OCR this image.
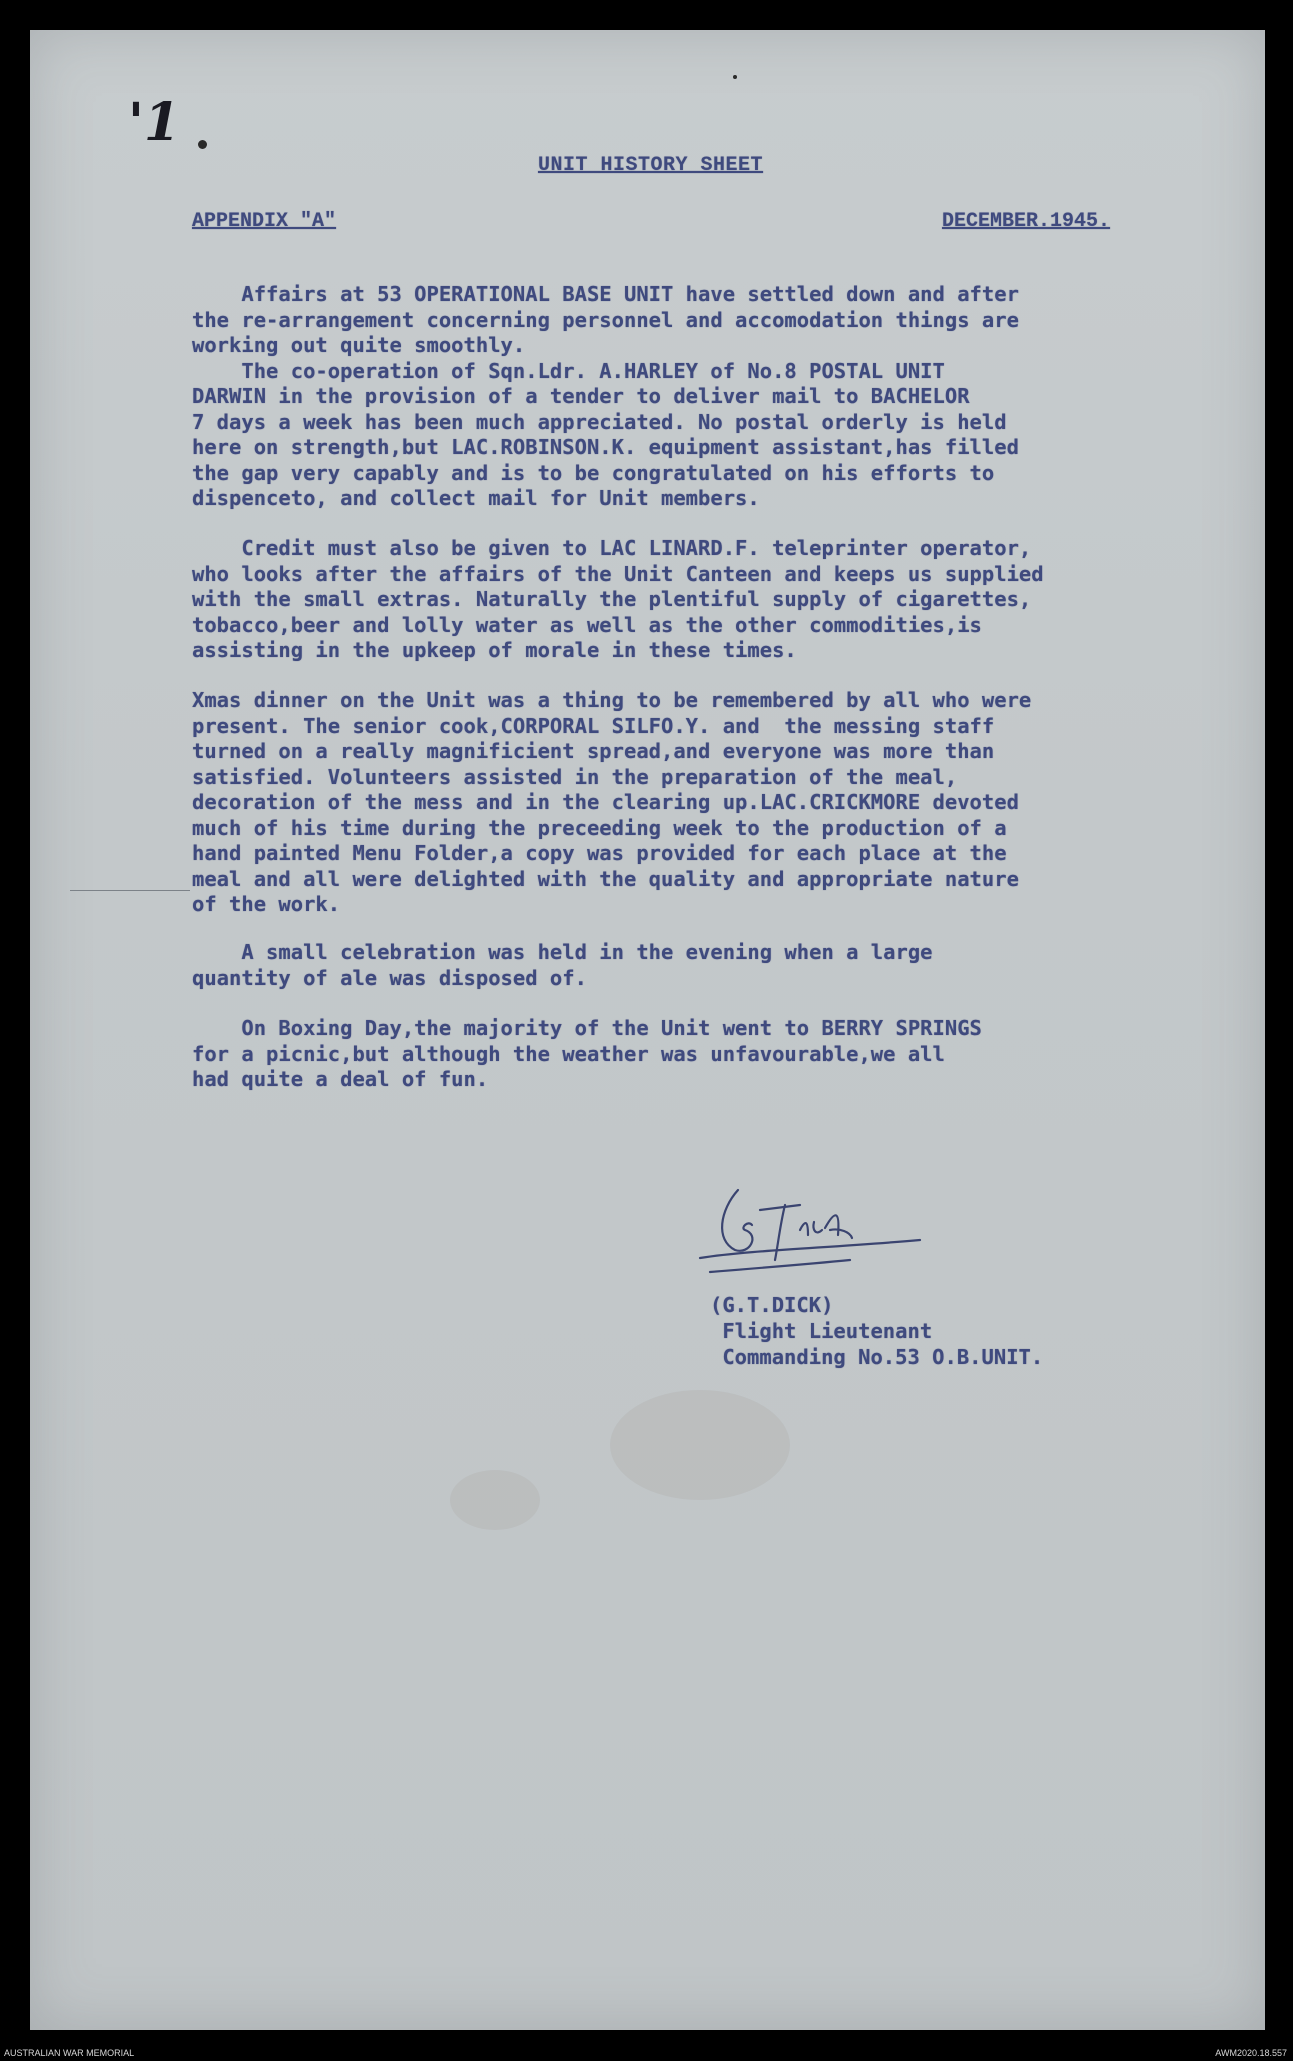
'1
UNIT HISTORY SHEET
APPENDIX "A"	DECEMBER.1945.
Affairs at 53 OPERATIONAL BASE UNIT have settled down and after
the re-arrangement concerning personnel and accomodation things are
working out quite smoothly.
The co-operation of Sqn.Ldr. A.HARLEY of No.8 POSTAL UNIT
DARWIN in the provision of a tender to deliver mail to BACHELOR
7 days a week has been much appreciated. No postal orderly is held
here on strength,but LAC.ROBINSON.K. equipment assistant,has filled
the gap very capably and is to be congratulated on his efforts to
dispenceto, and collect mail for Unit members.
Credit must also be given to LAC LINARD.F. teleprinter operator,
who looks after the affairs of the Unit Canteen and keeps us supplied
with the small extras. Naturally the plentiful supply of cigarettes,
tobacco,beer and lolly water as well as the other commodities,is
assisting in the upkeep of morale in these times.
Xmas dinner on the Unit was a thing to be remembered by all who were
present. The senior cook,CORPORAL SILFO.Y. and  the messing staff
turned on a really magnificient spread,and everyone was more than
satisfied. Volunteers assisted in the preparation of the meal,
decoration of the mess and in the clearing up.LAC.CRICKMORE devoted
much of his time during the preceeding week to the production of a
hand painted Menu Folder,a copy was provided for each place at the
meal and all were delighted with the quality and appropriate nature
of the work.
A small celebration was held in the evening when a large
quantity of ale was disposed of.
On Boxing Day,the majority of the Unit went to BERRY SPRINGS
for a picnic,but although the weather was unfavourable,we all
had quite a deal of fun.
(G.T.DICK)
Flight Lieutenant
Commanding No.53 O.B.UNIT.
AUSTRALIAN WAR MEMORIAL	AWM2020.18.557
